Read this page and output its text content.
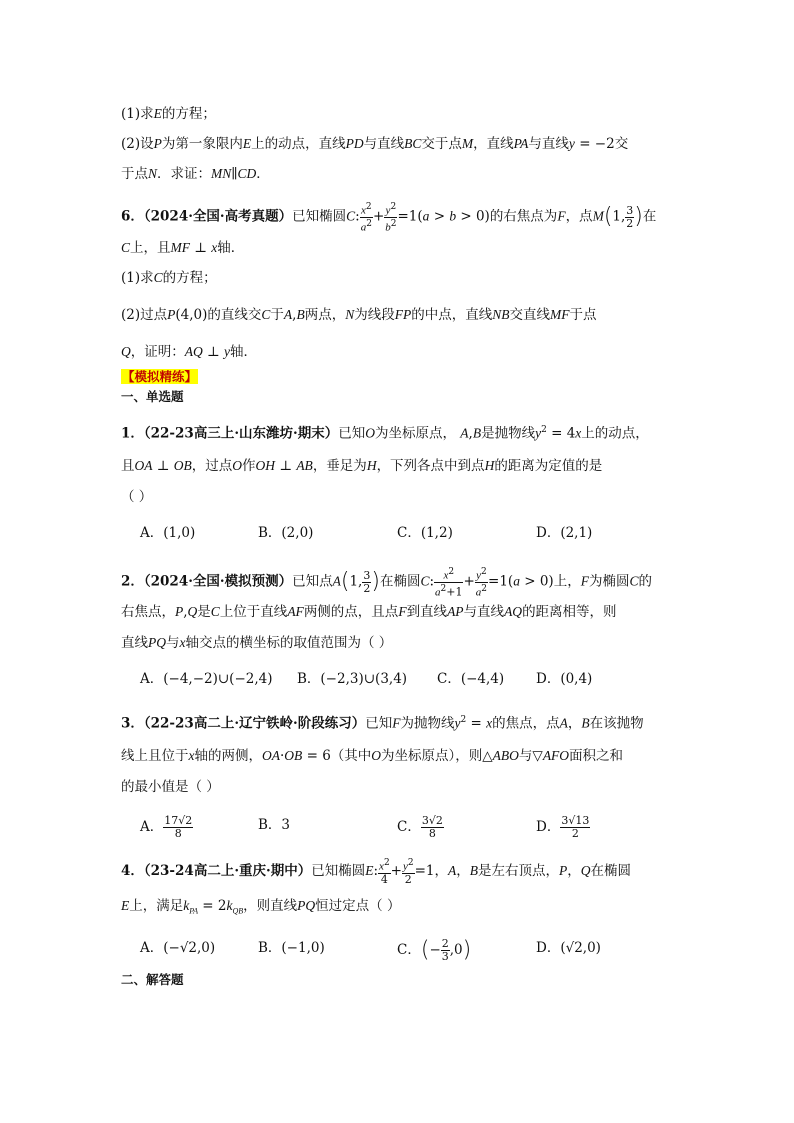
(1)求E的方程；
(2)设P为第一象限内E上的动点，直线PD与直线BC交于点M，直线PA与直线y = −2交
于点N．求证：MN∥CD．
6．（2024·全国·高考真题）已知椭圆C: $\frac{x^2}{a^2} + \frac{y^2}{b^2} =1(a > b > 0)$的右焦点为F，点M(1, $\frac{3}{2}$ )在
C上，且MF ⊥ x轴．
(1)求C的方程；
(2)过点P(4,0)的直线交C于A,B两点，N为线段FP的中点，直线NB交直线MF于点
Q，证明：AQ ⊥ y轴．
【模拟精练】
一、单选题
1．（22-23高三上·山东潍坊·期末）已知O为坐标原点， A,B是抛物线$y^2 = 4x$上的动点，
且OA ⊥ OB，过点O作OH ⊥ AB，垂足为H，下列各点中到点H的距离为定值的是
（ ）
A．(1,0)	B．(2,0)	C．(1,2)	D．(2,1)
2．（2024·全国·模拟预测）已知点A(1, $\frac{3}{2}$ )在椭圆C: $\frac{x^2}{a^2+1} + \frac{y^2}{a^2} =1(a > 0)$上，F为椭圆C的
右焦点，P,Q是C上位于直线AF两侧的点，且点F到直线AP与直线AQ的距离相等，则
直线PQ与x轴交点的横坐标的取值范围为（ ）
A．(−4,−2)∪(−2,4) B．(−2,3)∪(3,4) C．(−4,4) D．(0,4)
3．（22-23高二上·辽宁铁岭·阶段练习）已知F为抛物线$y^2 = x$的焦点，点A，B在该抛物
线上且位于x轴的两侧，OA·OB = 6（其中O为坐标原点），则△ABO与▽AFO面积之和
的最小值是（ ）
A． $\frac{17√2}{8}$	B．3	C． $\frac{3√2}{8}$	D． $\frac{3√13}{2}$
4．（23-24高二上·重庆·期中）已知椭圆E: $\frac{x^2}{4} + \frac{y^2}{2} =1$，A，B是左右顶点，P，Q在椭圆
E上，满足$k_{PA} = 2k_{QB}$，则直线PQ恒过定点（ ）
A．(−√2,0)	B．(−1,0)	C．(− $\frac{2}{3} ,0$)	D．(√2,0)
二、解答题
